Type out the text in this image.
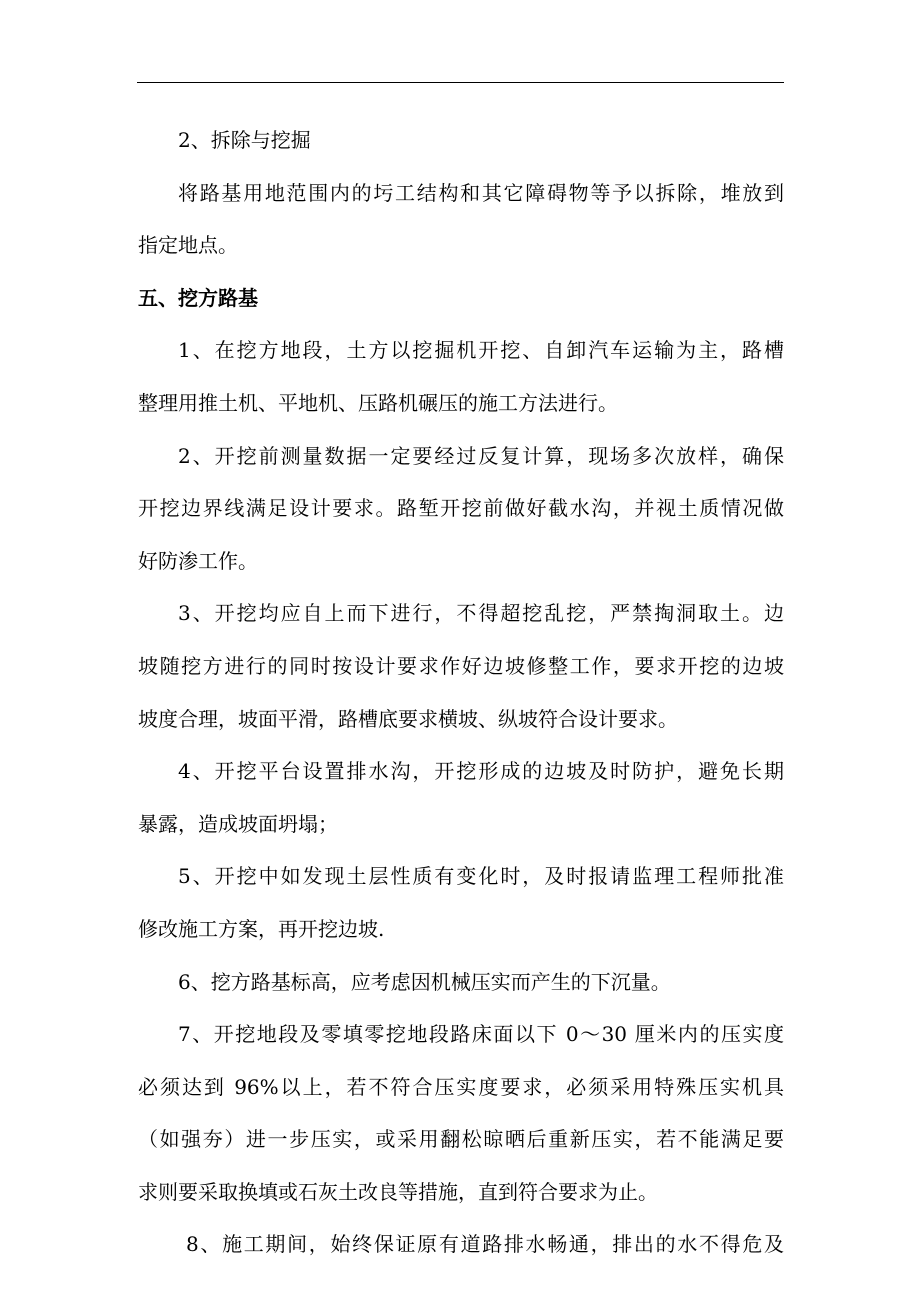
2、拆除与挖掘
将路基用地范围内的圬工结构和其它障碍物等予以拆除，堆放到
指定地点。
五、挖方路基
1、在挖方地段，土方以挖掘机开挖、自卸汽车运输为主，路槽
整理用推土机、平地机、压路机碾压的施工方法进行。
2、开挖前测量数据一定要经过反复计算，现场多次放样，确保
开挖边界线满足设计要求。路堑开挖前做好截水沟，并视土质情况做
好防渗工作。
3、开挖均应自上而下进行，不得超挖乱挖，严禁掏洞取土。边
坡随挖方进行的同时按设计要求作好边坡修整工作，要求开挖的边坡
坡度合理，坡面平滑，路槽底要求横坡、纵坡符合设计要求。
4、开挖平台设置排水沟，开挖形成的边坡及时防护，避免长期
暴露，造成坡面坍塌；
5、开挖中如发现土层性质有变化时，及时报请监理工程师批准
修改施工方案，再开挖边坡.
6、挖方路基标高，应考虑因机械压实而产生的下沉量。
7、开挖地段及零填零挖地段路床面以下 0～30 厘米内的压实度
必须达到 96%以上，若不符合压实度要求，必须采用特殊压实机具
（如强夯）进一步压实，或采用翻松晾晒后重新压实，若不能满足要
求则要采取换填或石灰土改良等措施，直到符合要求为止。
8、施工期间，始终保证原有道路排水畅通，排出的水不得危及
